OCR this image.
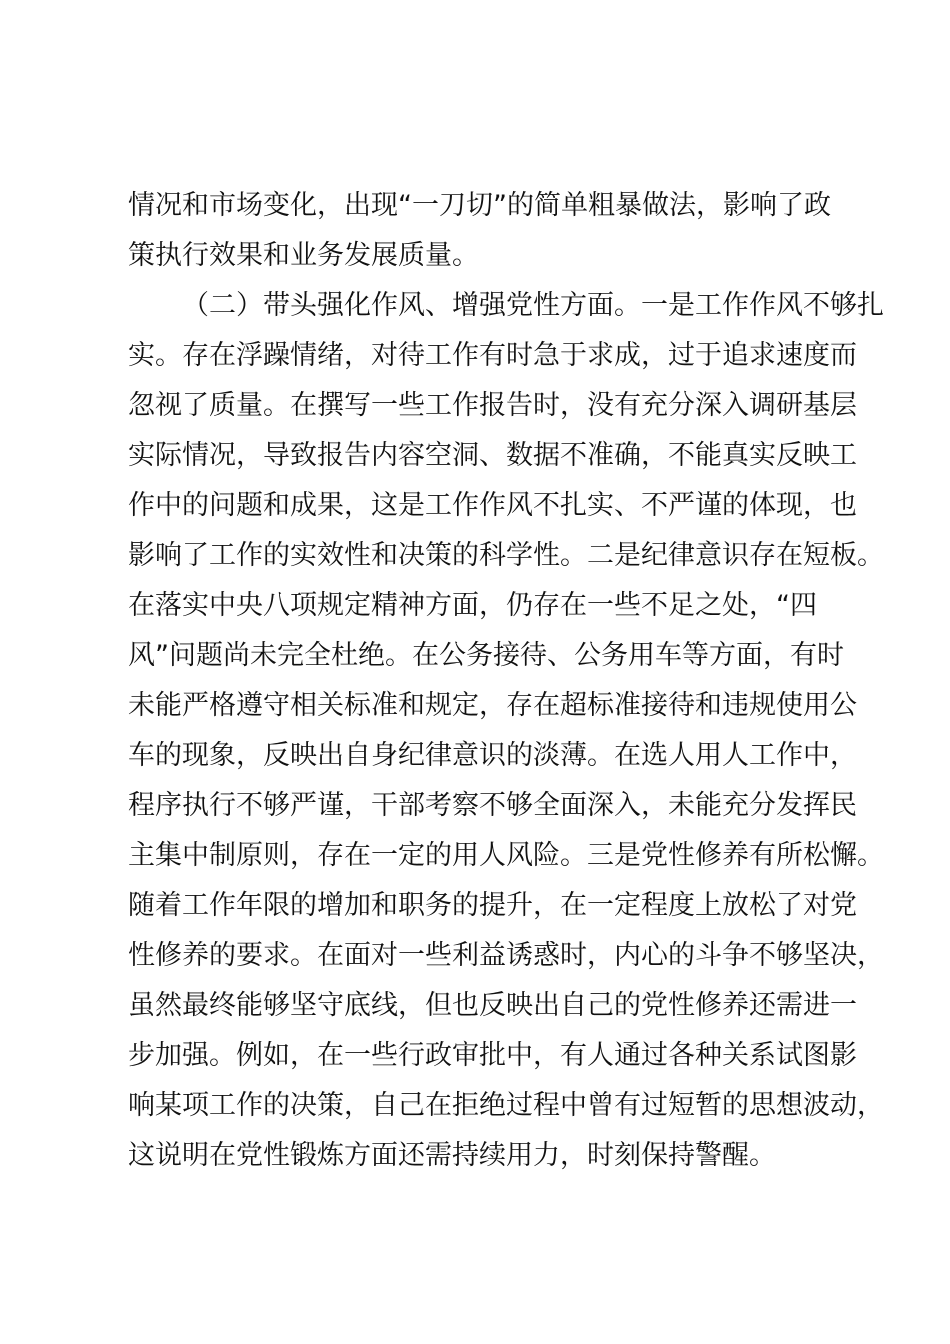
情况和市场变化，出现“一刀切”的简单粗暴做法，影响了政
策执行效果和业务发展质量。
（二）带头强化作风、增强党性方面。一是工作作风不够扎
实。存在浮躁情绪，对待工作有时急于求成，过于追求速度而
忽视了质量。在撰写一些工作报告时，没有充分深入调研基层
实际情况，导致报告内容空洞、数据不准确，不能真实反映工
作中的问题和成果，这是工作作风不扎实、不严谨的体现，也
影响了工作的实效性和决策的科学性。二是纪律意识存在短板。
在落实中央八项规定精神方面，仍存在一些不足之处，“四
风”问题尚未完全杜绝。在公务接待、公务用车等方面，有时
未能严格遵守相关标准和规定，存在超标准接待和违规使用公
车的现象，反映出自身纪律意识的淡薄。在选人用人工作中，
程序执行不够严谨，干部考察不够全面深入，未能充分发挥民
主集中制原则，存在一定的用人风险。三是党性修养有所松懈。
随着工作年限的增加和职务的提升，在一定程度上放松了对党
性修养的要求。在面对一些利益诱惑时，内心的斗争不够坚决，
虽然最终能够坚守底线，但也反映出自己的党性修养还需进一
步加强。例如，在一些行政审批中，有人通过各种关系试图影
响某项工作的决策，自己在拒绝过程中曾有过短暂的思想波动，
这说明在党性锻炼方面还需持续用力，时刻保持警醒。
